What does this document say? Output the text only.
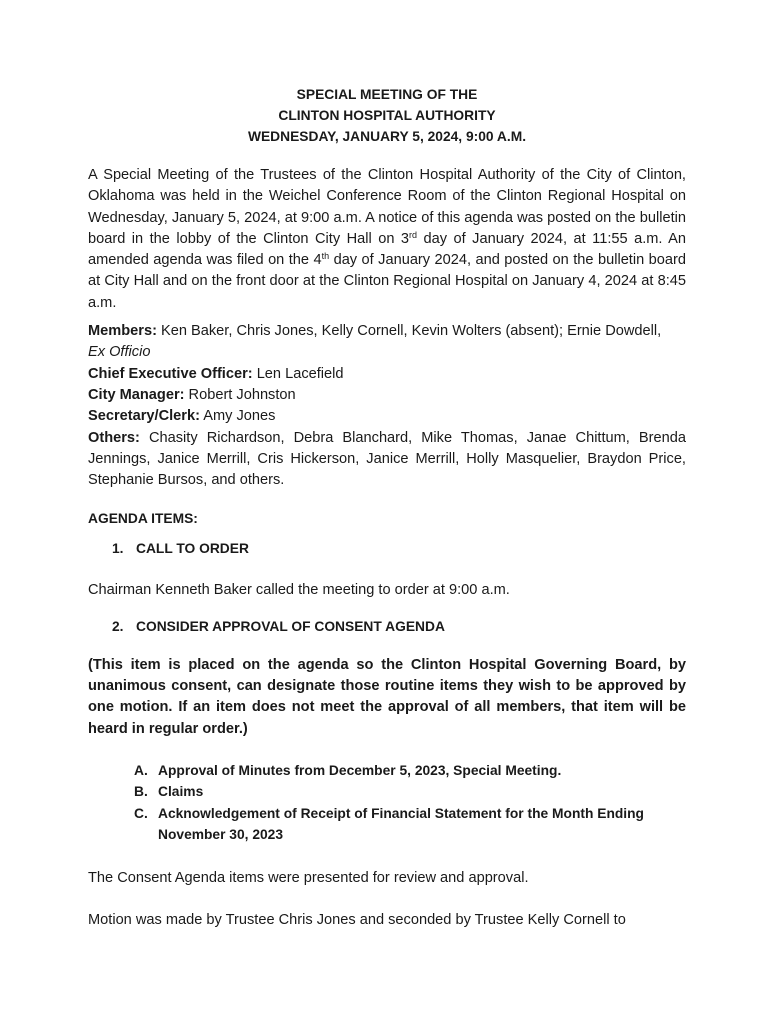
SPECIAL MEETING OF THE

CLINTON HOSPITAL AUTHORITY

WEDNESDAY, JANUARY 5, 2024, 9:00 A.M.

A Special Meeting of the Trustees of the Clinton Hospital Authority of the City of Clinton, Oklahoma was held in the Weichel Conference Room of the Clinton Regional Hospital on Wednesday, January 5, 2024, at 9:00 a.m. A notice of this agenda was posted on the bulletin board in the lobby of the Clinton City Hall on 3rd day of January 2024, at 11:55 a.m. An amended agenda was filed on the 4th day of January 2024, and posted on the bulletin board at City Hall and on the front door at the Clinton Regional Hospital on January 4, 2024 at 8:45 a.m.

Members: Ken Baker, Chris Jones, Kelly Cornell, Kevin Wolters (absent); Ernie Dowdell,
Ex Officio
Chief Executive Officer: Len Lacefield
City Manager: Robert Johnston
Secretary/Clerk: Amy Jones
Others: Chasity Richardson, Debra Blanchard, Mike Thomas, Janae Chittum, Brenda Jennings, Janice Merrill, Cris Hickerson, Janice Merrill, Holly Masquelier, Braydon Price, Stephanie Bursos, and others.

AGENDA ITEMS:

1. CALL TO ORDER

Chairman Kenneth Baker called the meeting to order at 9:00 a.m.

2. CONSIDER APPROVAL OF CONSENT AGENDA

(This item is placed on the agenda so the Clinton Hospital Governing Board, by unanimous consent, can designate those routine items they wish to be approved by one motion. If an item does not meet the approval of all members, that item will be heard in regular order.)

A. Approval of Minutes from December 5, 2023, Special Meeting.
B. Claims
C. Acknowledgement of Receipt of Financial Statement for the Month Ending November 30, 2023

The Consent Agenda items were presented for review and approval.

Motion was made by Trustee Chris Jones and seconded by Trustee Kelly Cornell to
